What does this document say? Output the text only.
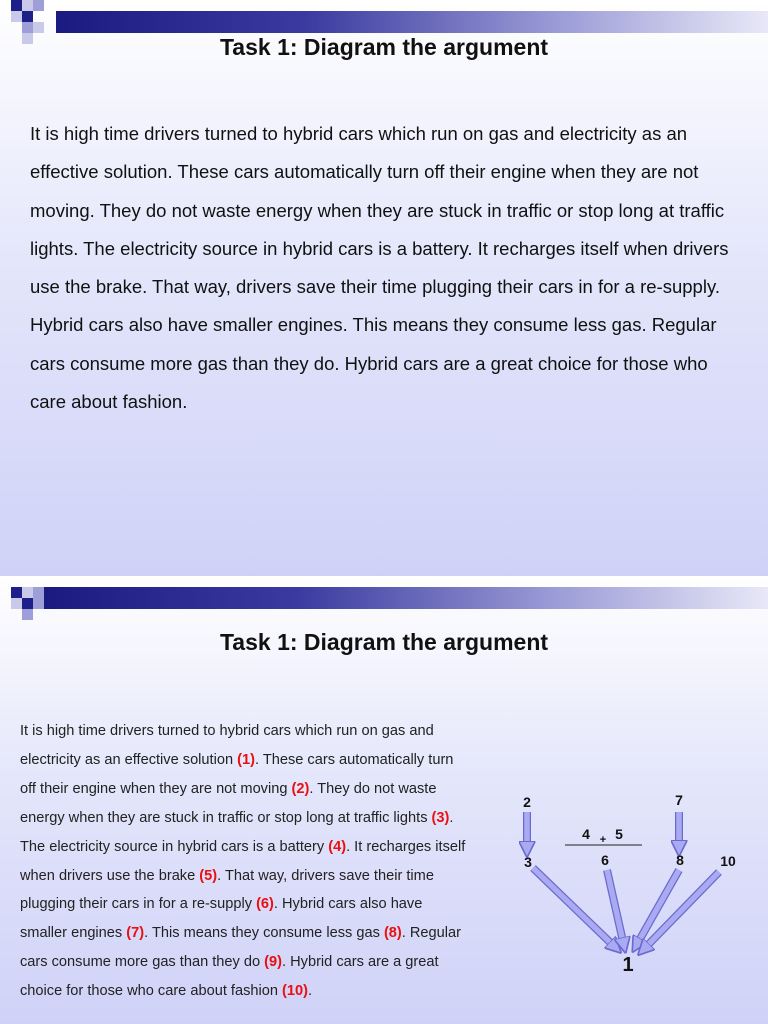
Task 1: Diagram the argument

It is high time drivers turned to hybrid cars which run on gas and electricity as an effective solution. These cars automatically turn off their engine when they are not moving. They do not waste energy when they are stuck in traffic or stop long at traffic lights. The electricity source in hybrid cars is a battery. It recharges itself when drivers use the brake. That way, drivers save their time plugging their cars in for a re-supply. Hybrid cars also have smaller engines. This means they consume less gas. Regular cars consume more gas than they do. Hybrid cars are a great choice for those who care about fashion.

Task 1: Diagram the argument

It is high time drivers turned to hybrid cars which run on gas and electricity as an effective solution (1). These cars automatically turn off their engine when they are not moving (2). They do not waste energy when they are stuck in traffic or stop long at traffic lights (3). The electricity source in hybrid cars is a battery (4). It recharges itself when drivers use the brake (5). That way, drivers save their time plugging their cars in for a re-supply (6). Hybrid cars also have smaller engines (7). This means they consume less gas (8). Regular cars consume more gas than they do (9). Hybrid cars are a great choice for those who care about fashion (10).

2	7
4 + 5
3	6	8	10
1
